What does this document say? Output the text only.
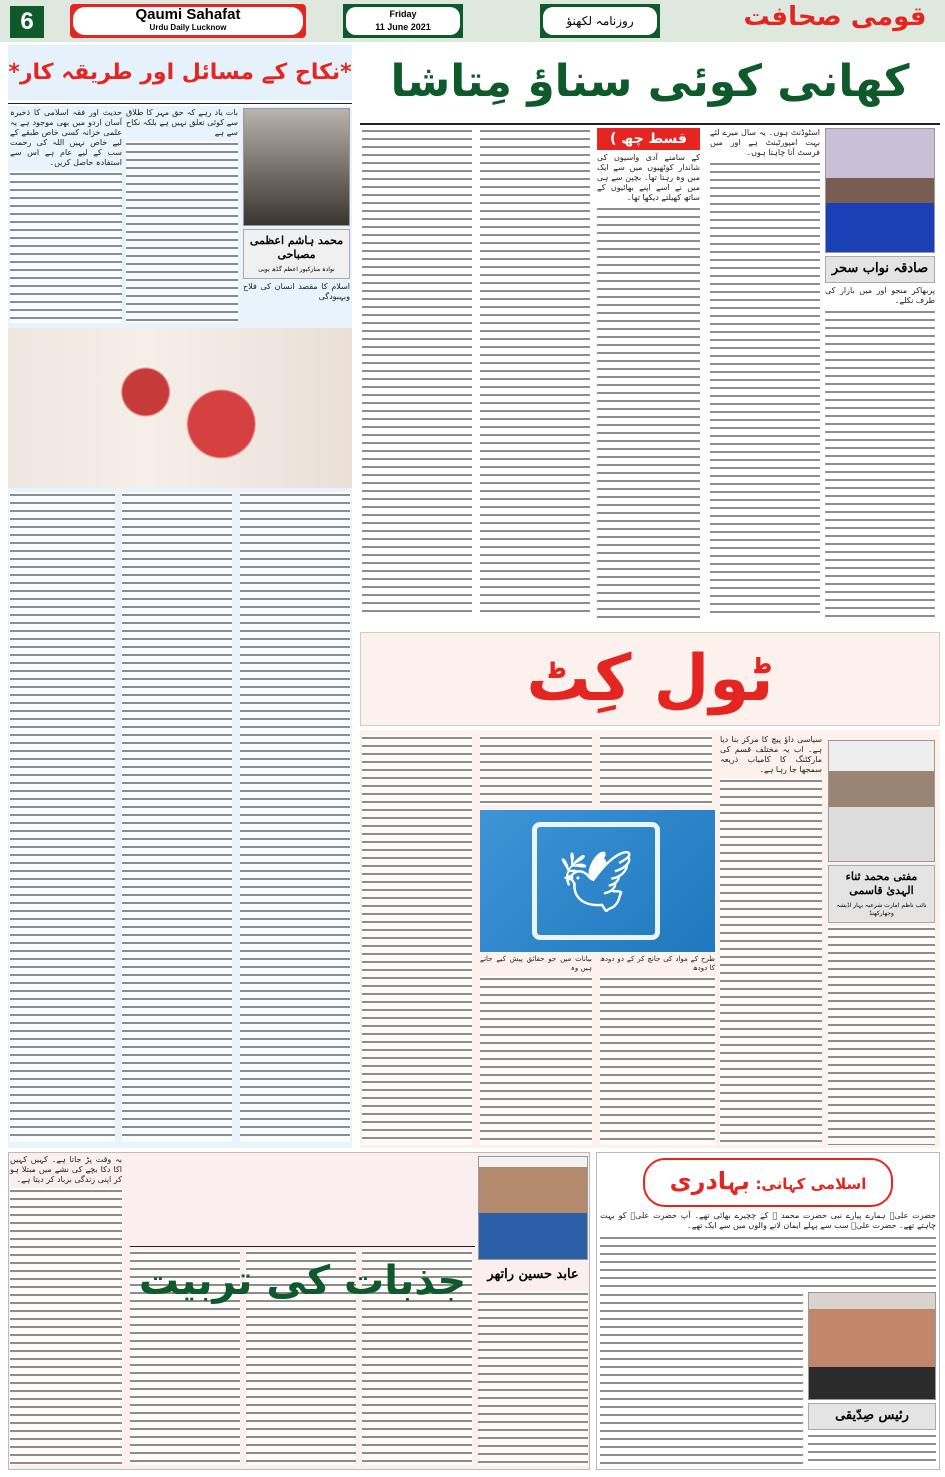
6	Qaumi Sahafat
Urdu Daily Lucknow
Friday
11 June 2021	روزنامہ لکھنؤ	قومی صحافت
*نکاح کے مسائل اور طریقہ کار*
حدیث اور فقہ اسلامی کا ذخیرہ آسان اردو میں بھی موجود ہے یہ علمی خزانہ کسی خاص طبقے کے لیے خاص نہیں اللہ کی رحمت سب کے لیے عام ہے اس سے استفادہ حاصل کریں۔
بات یاد رہے کہ حق مہر کا طلاق سے کوئی تعلق نہیں ہے بلکہ نکاح سے ہے
محمد ہاشم اعظمی مصباحی
نوادہ مبارکپور اعظم گڈھ یوپی
اسلام کا مقصد انسان کی فلاح وبہبودگی
کھانی کوئی سناؤ مِتاشا
صادقہ نواب سحر
پربھاکر منجو اور میں بازار کی طرف نکلے۔
اسٹوڈنٹ ہوں۔ یہ سال میرے لئے بہت امپورٹینٹ ہے اور میں فرسٹ آنا چاہتا ہوں۔
قسط چھ )
کے سامنے آدی واسیوں کی شاندار کوٹھیوں میں سے ایک میں وہ رہتا تھا۔ بچپن سے ہی میں نے اسے اپنے بھائیوں کے ساتھ کھیلتے دیکھا تھا۔
ٹول کِٹ
مفتی محمد ثناء الہدیٰ قاسمی
نائب ناظم امارت شرعیہ بہار اڈیشہ وجھارکھنڈ
سیاسی داؤ پیچ کا مرکز بنا دیا ہے۔ اب یہ مختلف قسم کی مارکٹنگ کا کامیاب ذریعہ سمجھا جا رہا ہے۔
🕊
طرح کے مواد کی جانچ کر کے دو دودھ کا دودھ
بیانات میں جو حقائق پیش کیے جاتے ہیں وہ
بہ وقت پڑ جاتا ہے۔ کہیں کہیں اکا دکا بچے کی نشے میں مبتلا ہو کر اپنی زندگی برباد کر دیتا ہے۔
جذبات کی تربیت	عابد حسین راتھر
اسلامی کہانی: بہادری
حضرت علیؓ ہمارے پیارے نبی حضرت محمد ﷺ کے چچیرے بھائی تھے۔ آپ حضرت علیؓ کو بہت چاہتے تھے۔ حضرت علیؓ سب سے پہلے ایمان لانے والوں میں سے ایک تھے۔
رئیس صِدّیقی
